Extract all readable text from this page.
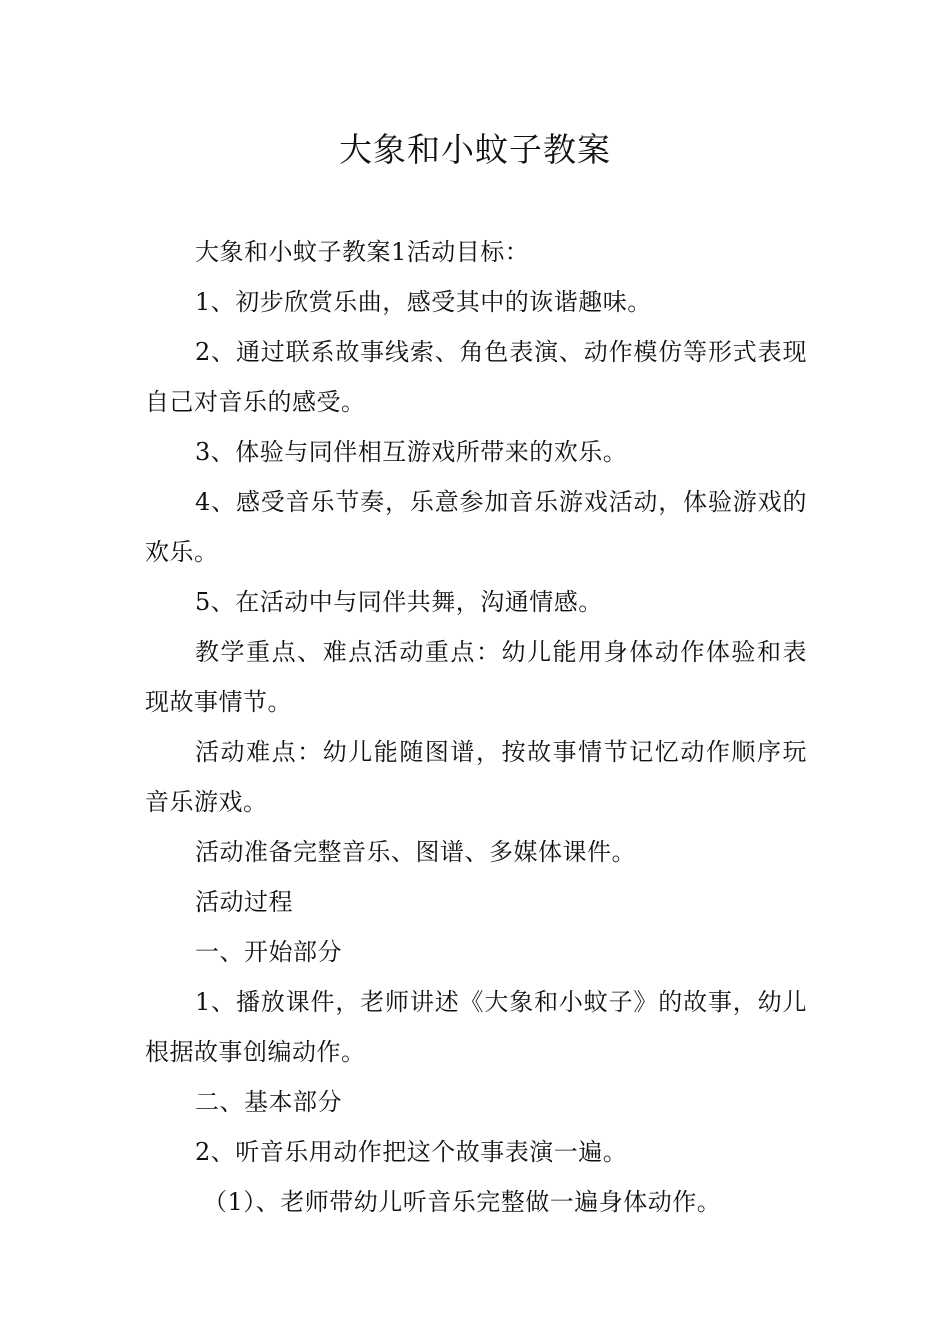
大象和小蚊子教案

大象和小蚊子教案1活动目标：

1、初步欣赏乐曲，感受其中的诙谐趣味。

2、通过联系故事线索、角色表演、动作模仿等形式表现自己对音乐的感受。

3、体验与同伴相互游戏所带来的欢乐。

4、感受音乐节奏，乐意参加音乐游戏活动，体验游戏的欢乐。

5、在活动中与同伴共舞，沟通情感。

教学重点、难点活动重点：幼儿能用身体动作体验和表现故事情节。

活动难点：幼儿能随图谱，按故事情节记忆动作顺序玩音乐游戏。

活动准备完整音乐、图谱、多媒体课件。

活动过程

一、开始部分

1、播放课件，老师讲述《大象和小蚊子》的故事，幼儿根据故事创编动作。

二、基本部分

2、听音乐用动作把这个故事表演一遍。

（1）、老师带幼儿听音乐完整做一遍身体动作。
